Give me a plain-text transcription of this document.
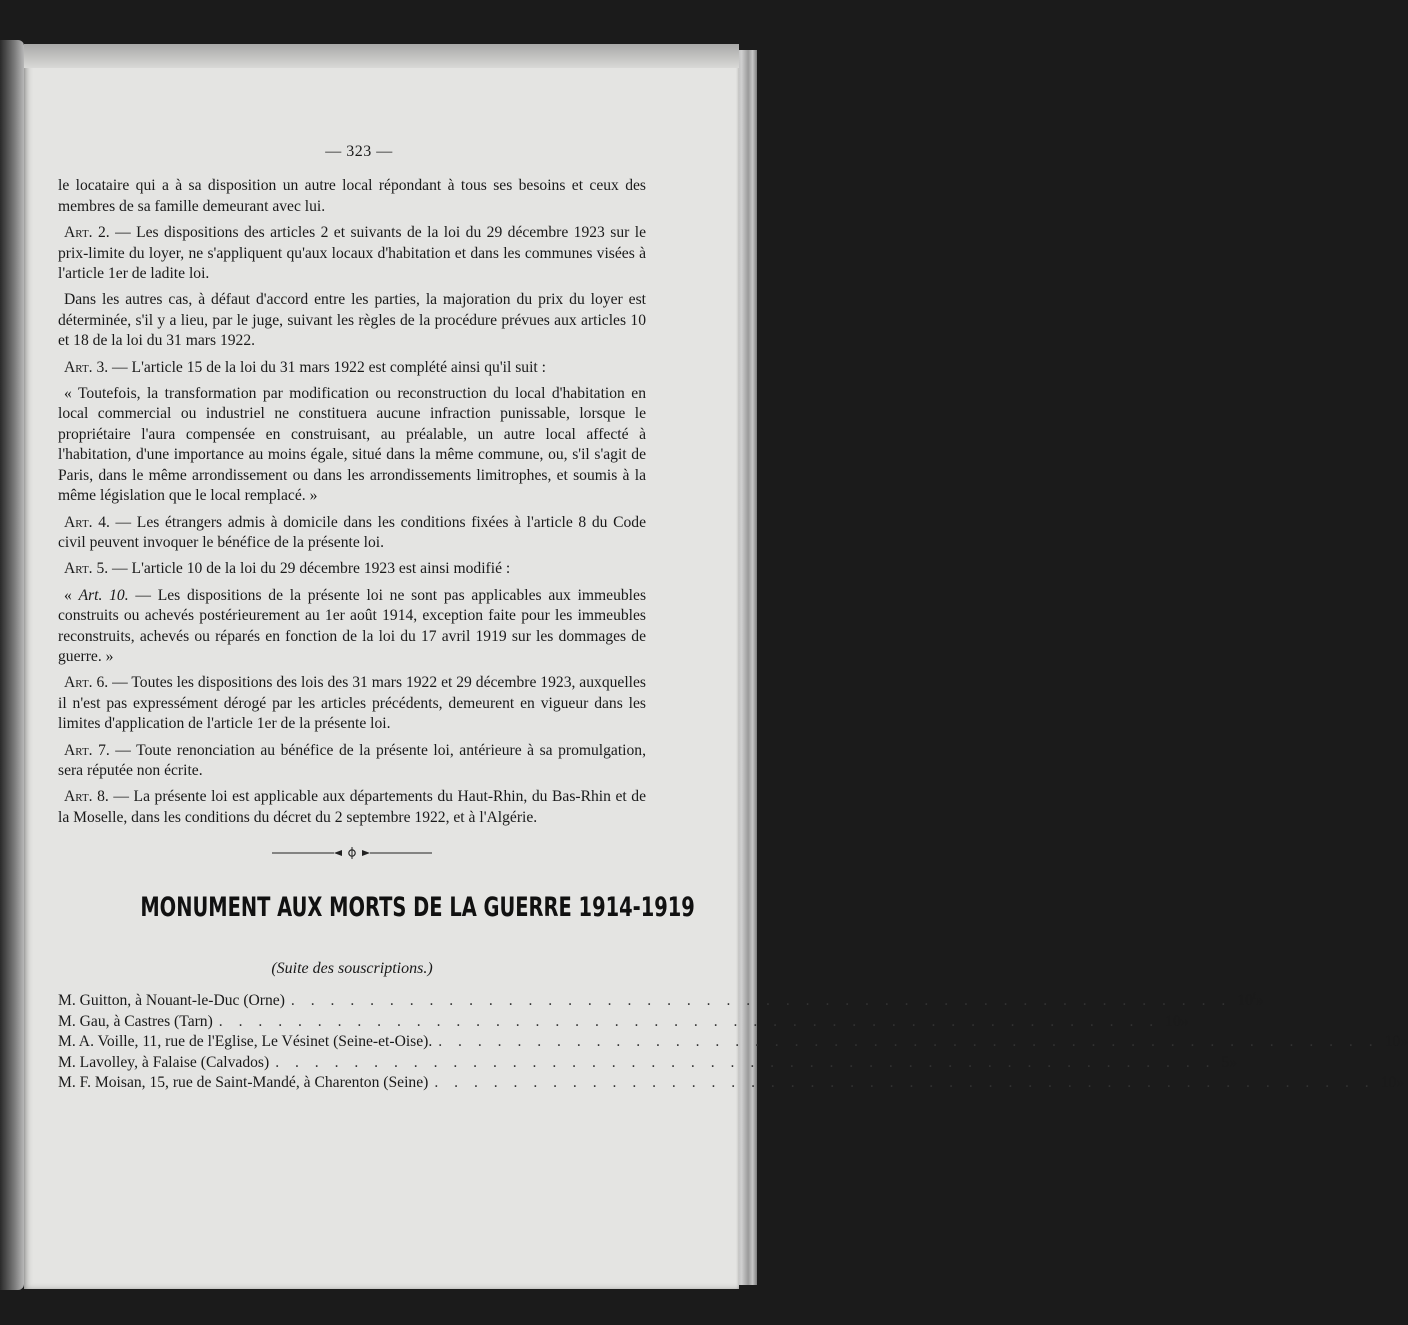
— 323 —

le locataire qui a à sa disposition un autre local répondant à tous ses besoins et ceux des membres de sa famille demeurant avec lui.

Art. 2. — Les dispositions des articles 2 et suivants de la loi du 29 décembre 1923 sur le prix-limite du loyer, ne s'appliquent qu'aux locaux d'habitation et dans les communes visées à l'article 1er de ladite loi.

Dans les autres cas, à défaut d'accord entre les parties, la majoration du prix du loyer est déterminée, s'il y a lieu, par le juge, suivant les règles de la procédure prévues aux articles 10 et 18 de la loi du 31 mars 1922.

Art. 3. — L'article 15 de la loi du 31 mars 1922 est complété ainsi qu'il suit :

« Toutefois, la transformation par modification ou reconstruction du local d'habitation en local commercial ou industriel ne constituera aucune infraction punissable, lorsque le propriétaire l'aura compensée en construisant, au préalable, un autre local affecté à l'habitation, d'une importance au moins égale, situé dans la même commune, ou, s'il s'agit de Paris, dans le même arrondissement ou dans les arrondissements limitrophes, et soumis à la même législation que le local remplacé. »

Art. 4. — Les étrangers admis à domicile dans les conditions fixées à l'article 8 du Code civil peuvent invoquer le bénéfice de la présente loi.

Art. 5. — L'article 10 de la loi du 29 décembre 1923 est ainsi modifié :

« Art. 10. — Les dispositions de la présente loi ne sont pas applicables aux immeubles construits ou achevés postérieurement au 1er août 1914, exception faite pour les immeubles reconstruits, achevés ou réparés en fonction de la loi du 17 avril 1919 sur les dommages de guerre. »

Art. 6. — Toutes les dispositions des lois des 31 mars 1922 et 29 décembre 1923, auxquelles il n'est pas expressément dérogé par les articles précédents, demeurent en vigueur dans les limites d'application de l'article 1er de la présente loi.

Art. 7. — Toute renonciation au bénéfice de la présente loi, antérieure à sa promulgation, sera réputée non écrite.

Art. 8. — La présente loi est applicable aux départements du Haut-Rhin, du Bas-Rhin et de la Moselle, dans les conditions du décret du 2 septembre 1922, et à l'Algérie.

MONUMENT AUX MORTS DE LA GUERRE 1914-1919
(Suite des souscriptions.)
M. Guitton, à Nouant-le-Duc (Orne) . . . . . . . . . . . . . . . . . . . . . . . . . . . . . . . . . . . . . . . . . . . . . . . . 10$^f$ »
M. Gau, à Castres (Tarn) . . . . . . . . . . . . . . . . . . . . . . . . . . . . . . . . . . . . . . . . . . . . . . . . 10 »
M. A. Voille, 11, rue de l'Eglise, Le Vésinet (Seine-et-Oise). . . . . . . . . . . . . . . . . . . . . . . . . . . . . . . . . . . . . . . . . . . . . . . . . 10 »
M. Lavolley, à Falaise (Calvados) . . . . . . . . . . . . . . . . . . . . . . . . . . . . . . . . . . . . . . . . . . . . . . . . 5 »
M. F. Moisan, 15, rue de Saint-Mandé, à Charenton (Seine) . . . . . . . . . . . . . . . . . . . . . . . . . . . . . . . . . . . . . . . . . . . . . . . . 10 »
